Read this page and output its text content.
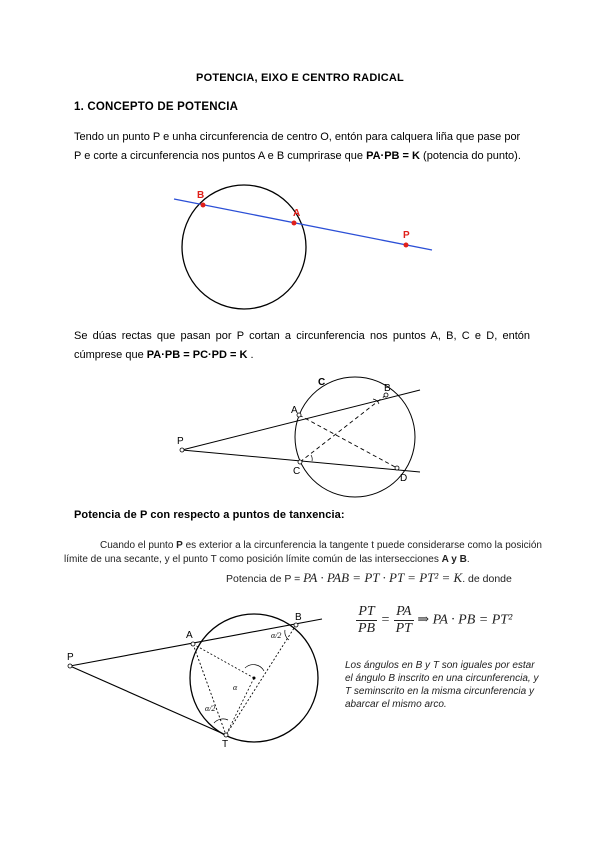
POTENCIA, EIXO E CENTRO RADICAL
1. CONCEPTO DE POTENCIA
Tendo un punto P e unha circunferencia de centro O, entón para calquera liña que pase por P e corte a circunferencia nos puntos A e B cumprirase que PA·PB = K (potencia do punto).
Se dúas rectas que pasan por P cortan a circunferencia nos puntos A, B, C e D, entón cúmprese que PA·PB = PC·PD = K .
Potencia de P con respecto a puntos de tanxencia:
Cuando el punto P es exterior a la circunferencia la tangente t puede considerarse como la posición límite de una secante, y el punto T como posición límite común de las intersecciones A y B.
Potencia de P = PA · PAB = PT · PT = PT² = K. de donde
$\frac{PT}{PB} = \frac{PA}{PT}$ ⇒ PA · PB = PT²
Los ángulos en B y T son iguales por estar el ángulo B inscrito en una circunferencia, y T seminscrito en la misma circunferencia y abarcar el mismo arco.
B
A
P
C
B
A
P
C
D
P
A
B
T
α
α/2
α/2
